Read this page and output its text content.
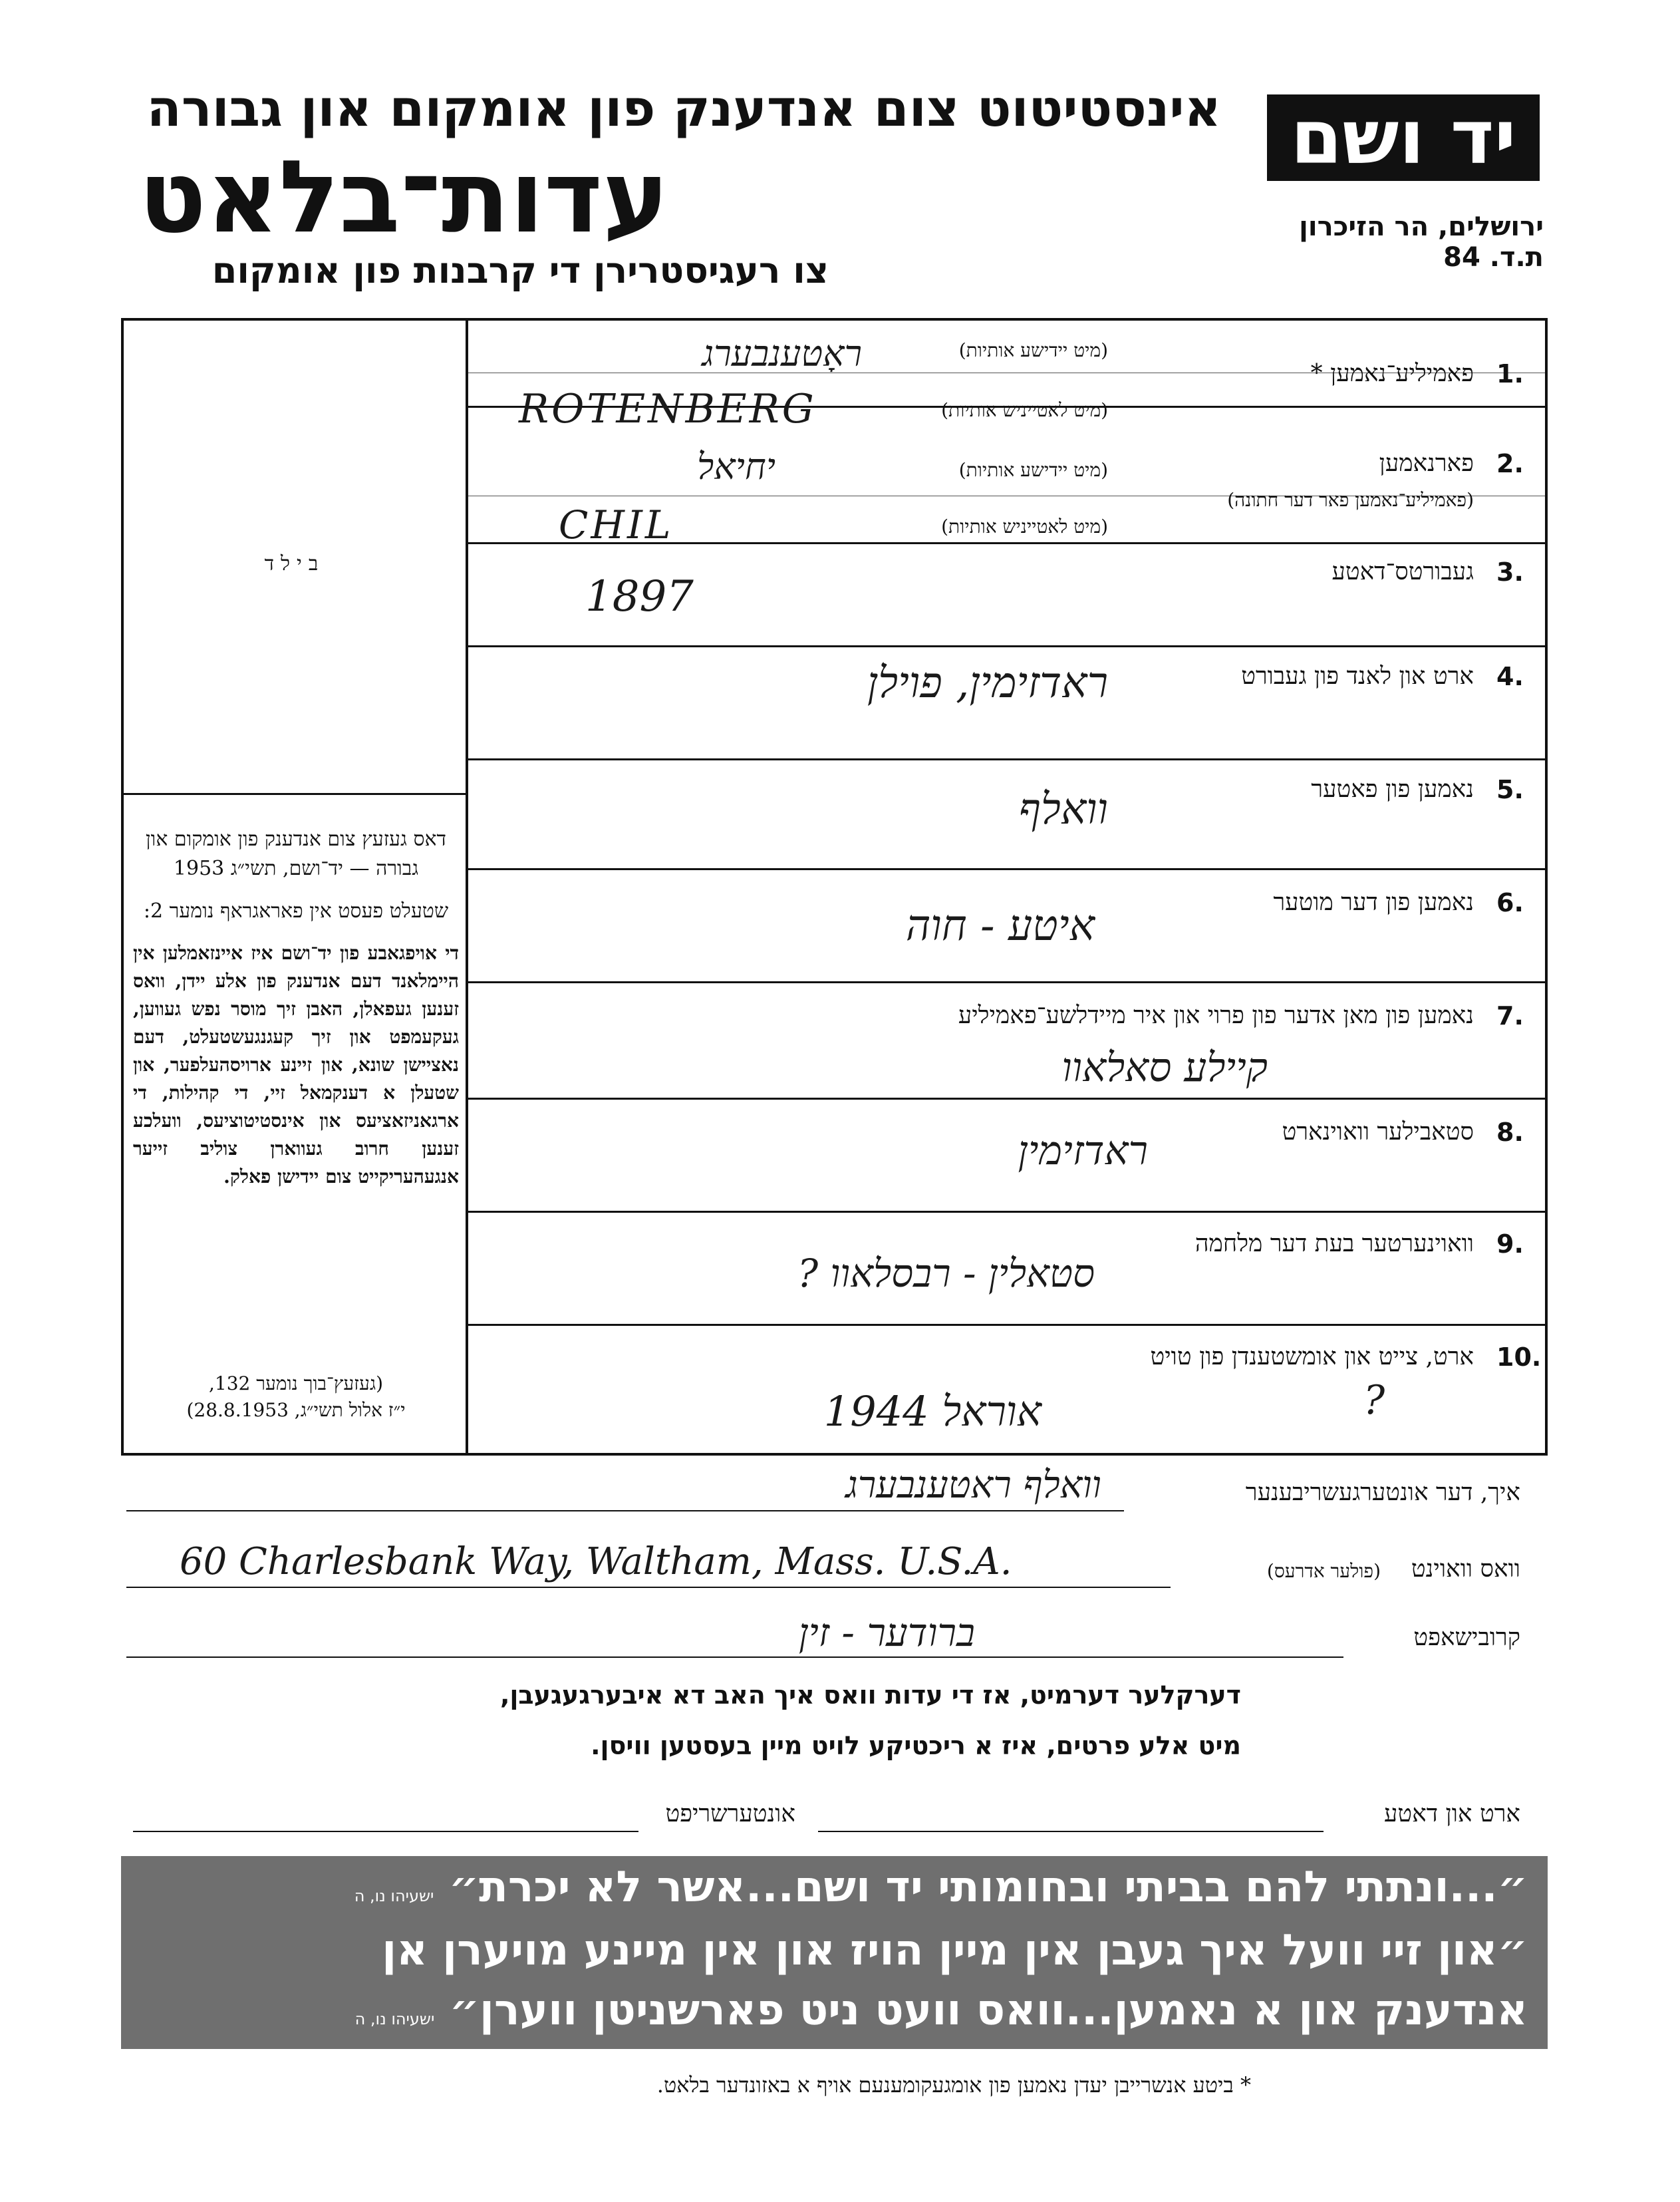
יד ושם
אינסטיטוט צום אנדענק פון אומקום און גבורה
עדות־בלאט
צו רעגיסטרירן די קרבנות פון אומקום
ירושלים, הר הזיכרון
ת.ד. 84
בילד
1.
פאמיליע־נאמען *
(מיט יידישע אותיות)
(מיט לאטייניש אותיות)
ראָטענבערג
ROTENBERG
2.
פארנאמען
(פאמיליע־נאמען פאר דער חתונה)
(מיט יידישע אותיות)
(מיט לאטייניש אותיות)
יחיאל
CHIL
3.
געבורטס־דאטע
1897
4.
ארט און לאנד פון געבורט
ראדזימין, פוילן
5.
נאמען פון פאטער
וואלף
6.
נאמען פון דער מוטער
איטע - חוה
7.
נאמען פון מאן אדער פון פרוי און איר מיידלשע־פאמיליע
קיילע סאלאוו
8.
סטאבילער וואוינארט
ראדזימין
9.
וואוינערטער בעת דער מלחמה
סטאלין - רבסלאוו ?
10.
ארט, צייט און אומשטענדן פון טויט
אוראל 1944	?

דאס געזעץ צום אנדענק פון אומקום און גבורה — יד־ושם, תשי״ג 1953

שטעלט פעסט אין פאראגראף נומער 2:

די אויפגאבע פון יד־ושם איז איינזאמלען אין היימלאנד דעם אנדענק פון אלע יידן, וואס זענען געפאלן, האבן זיך מוסר נפש געווען, געקעמפט און זיך קעגנגעשטעלט, דעם נאציישן שונא, און זיינע ארויסהעלפער, און שטעלן א דענקמאל זיי, די קהילות, די ארגאניזאציעס און אינסטיטוציעס, וועלכע זענען חרוב געווארן צוליב זייער אנגעהעריקייט צום יידישן פאלק.

(געזעץ־בוך נומער 132,
י״ז אלול תשי״ג, 28.8.1953)
איך, דער אונטערגעשריבענער
וואלף ראטענבערג
וואס וואוינט
(פולער אדרעס)
60 Charlesbank Way, Waltham, Mass. U.S.A.
קרובישאפט
ברודער - זין
דערקלער דערמיט, אז די עדות וואס איך האב דא איבערגעגעבן,
מיט אלע פרטים, איז א ריכטיקע לויט מיין בעסטען וויסן.
ארט און דאטע
אונטערשריפט
״...ונתתי להם בביתי ובחומותי יד ושם...אשר לא יכרת״ ישעיהו נו, ה
״און זיי וועל איך געבן אין מיין הויז און אין מיינע מויערן אן
אנדענק און א נאמען...וואס וועט ניט פארשניטן ווערן״ ישעיהו נו, ה
* ביטע אנשרייבן יעדן נאמען פון אומגעקומענעם אויף א באזונדער בלאט.
